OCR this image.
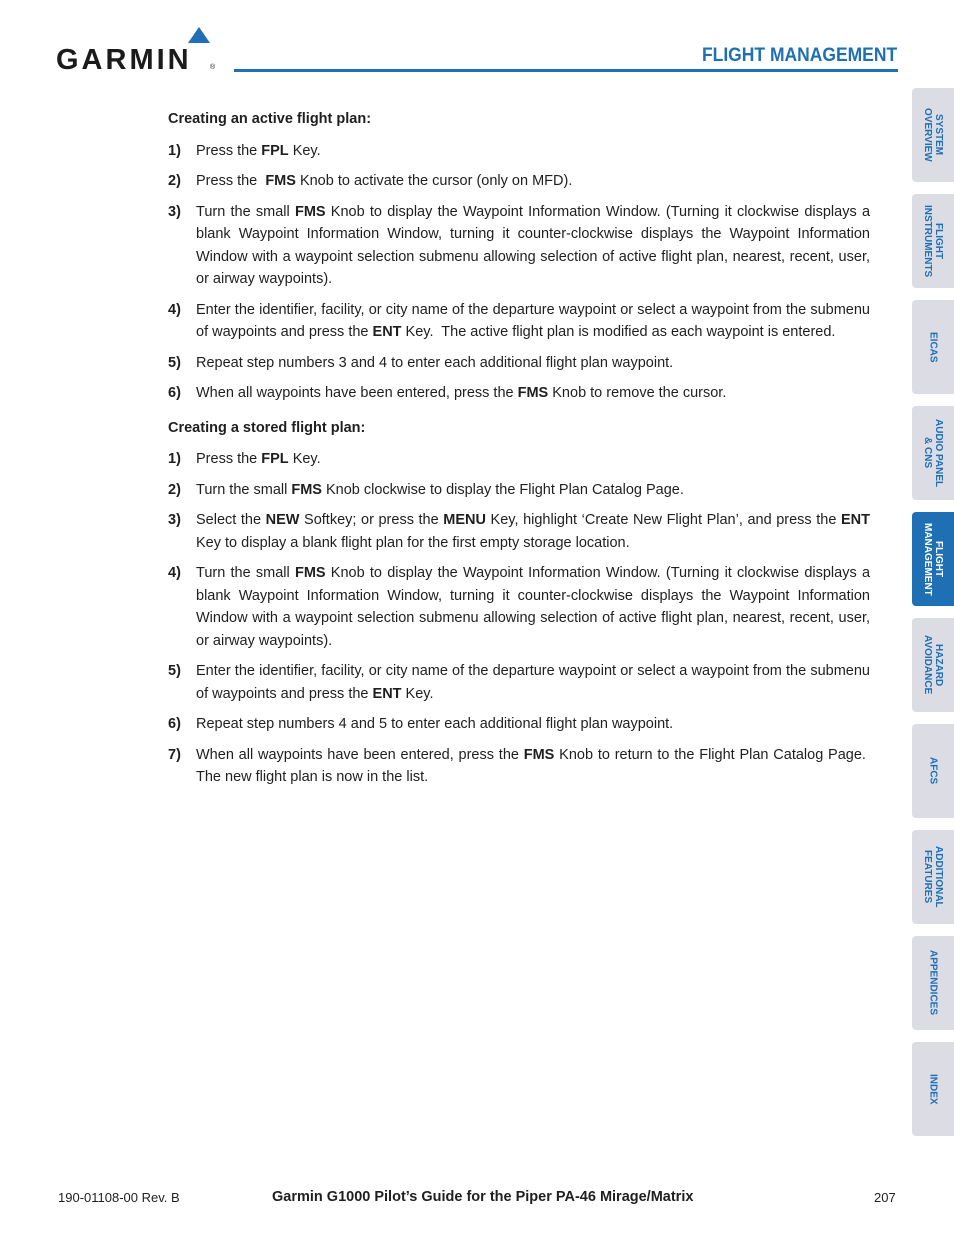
GARMIN	®
FLIGHT MANAGEMENT
Creating an active flight plan:
1)	Press the FPL Key.
2)	Press the  FMS Knob to activate the cursor (only on MFD).
3)	Turn the small FMS Knob to display the Waypoint Information Window. (Turning it clockwise displays a blank Waypoint Information Window, turning it counter-clockwise displays the Waypoint Information Window with a waypoint selection submenu allowing selection of active flight plan, nearest, recent, user, or airway waypoints).
4)	Enter the identifier, facility, or city name of the departure waypoint or select a waypoint from the submenu of waypoints and press the ENT Key.  The active flight plan is modified as each waypoint is entered.
5)	Repeat step numbers 3 and 4 to enter each additional flight plan waypoint.
6)	When all waypoints have been entered, press the FMS Knob to remove the cursor.
Creating a stored flight plan:
1)	Press the FPL Key.
2)	Turn the small FMS Knob clockwise to display the Flight Plan Catalog Page.
3)	Select the NEW Softkey; or press the MENU Key, highlight ‘Create New Flight Plan’, and press the ENT Key to display a blank flight plan for the first empty storage location.
4)	Turn the small FMS Knob to display the Waypoint Information Window. (Turning it clockwise displays a blank Waypoint Information Window, turning it counter-clockwise displays the Waypoint Information Window with a waypoint selection submenu allowing selection of active flight plan, nearest, recent, user, or airway waypoints).
5)	Enter the identifier, facility, or city name of the departure waypoint or select a waypoint from the submenu of waypoints and press the ENT Key.
6)	Repeat step numbers 4 and 5 to enter each additional flight plan waypoint.
7)	When all waypoints have been entered, press the FMS Knob to return to the Flight Plan Catalog Page.  The new flight plan is now in the list.
SYSTEM
OVERVIEW
FLIGHT
INSTRUMENTS
EICAS
AUDIO PANEL
& CNS
FLIGHT
MANAGEMENT
HAZARD
AVOIDANCE
AFCS
ADDITIONAL
FEATURES
APPENDICES
INDEX
190-01108-00 Rev. B	Garmin G1000 Pilot’s Guide for the Piper PA-46 Mirage/Matrix	207
